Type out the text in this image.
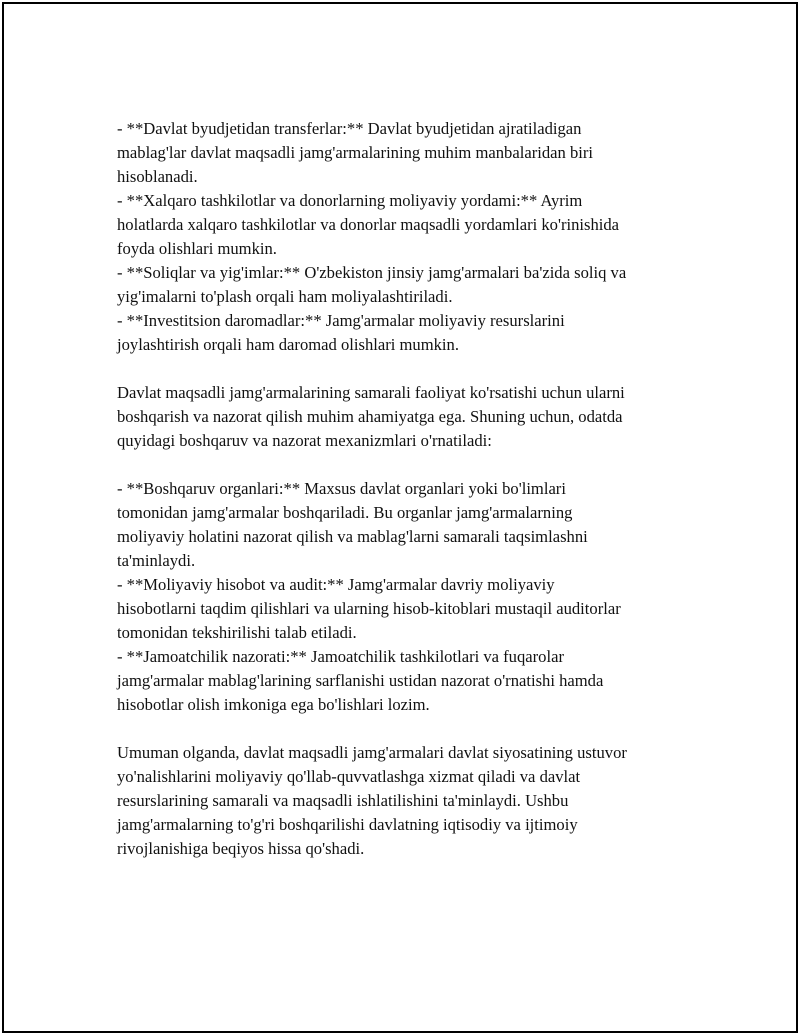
- **Davlat byudjetidan transferlar:** Davlat byudjetidan ajratiladigan
mablag'lar davlat maqsadli jamg'armalarining muhim manbalaridan biri
hisoblanadi.
- **Xalqaro tashkilotlar va donorlarning moliyaviy yordami:** Ayrim
holatlarda xalqaro tashkilotlar va donorlar maqsadli yordamlari ko'rinishida
foyda olishlari mumkin.
- **Soliqlar va yig'imlar:** O'zbekiston jinsiy jamg'armalari ba'zida soliq va
yig'imalarni to'plash orqali ham moliyalashtiriladi.
- **Investitsion daromadlar:** Jamg'armalar moliyaviy resurslarini
joylashtirish orqali ham daromad olishlari mumkin.
Davlat maqsadli jamg'armalarining samarali faoliyat ko'rsatishi uchun ularni
boshqarish va nazorat qilish muhim ahamiyatga ega. Shuning uchun, odatda
quyidagi boshqaruv va nazorat mexanizmlari o'rnatiladi:
- **Boshqaruv organlari:** Maxsus davlat organlari yoki bo'limlari
tomonidan jamg'armalar boshqariladi. Bu organlar jamg'armalarning
moliyaviy holatini nazorat qilish va mablag'larni samarali taqsimlashni
ta'minlaydi.
- **Moliyaviy hisobot va audit:** Jamg'armalar davriy moliyaviy
hisobotlarni taqdim qilishlari va ularning hisob-kitoblari mustaqil auditorlar
tomonidan tekshirilishi talab etiladi.
- **Jamoatchilik nazorati:** Jamoatchilik tashkilotlari va fuqarolar
jamg'armalar mablag'larining sarflanishi ustidan nazorat o'rnatishi hamda
hisobotlar olish imkoniga ega bo'lishlari lozim.
Umuman olganda, davlat maqsadli jamg'armalari davlat siyosatining ustuvor
yo'nalishlarini moliyaviy qo'llab-quvvatlashga xizmat qiladi va davlat
resurslarining samarali va maqsadli ishlatilishini ta'minlaydi. Ushbu
jamg'armalarning to'g'ri boshqarilishi davlatning iqtisodiy va ijtimoiy
rivojlanishiga beqiyos hissa qo'shadi.
